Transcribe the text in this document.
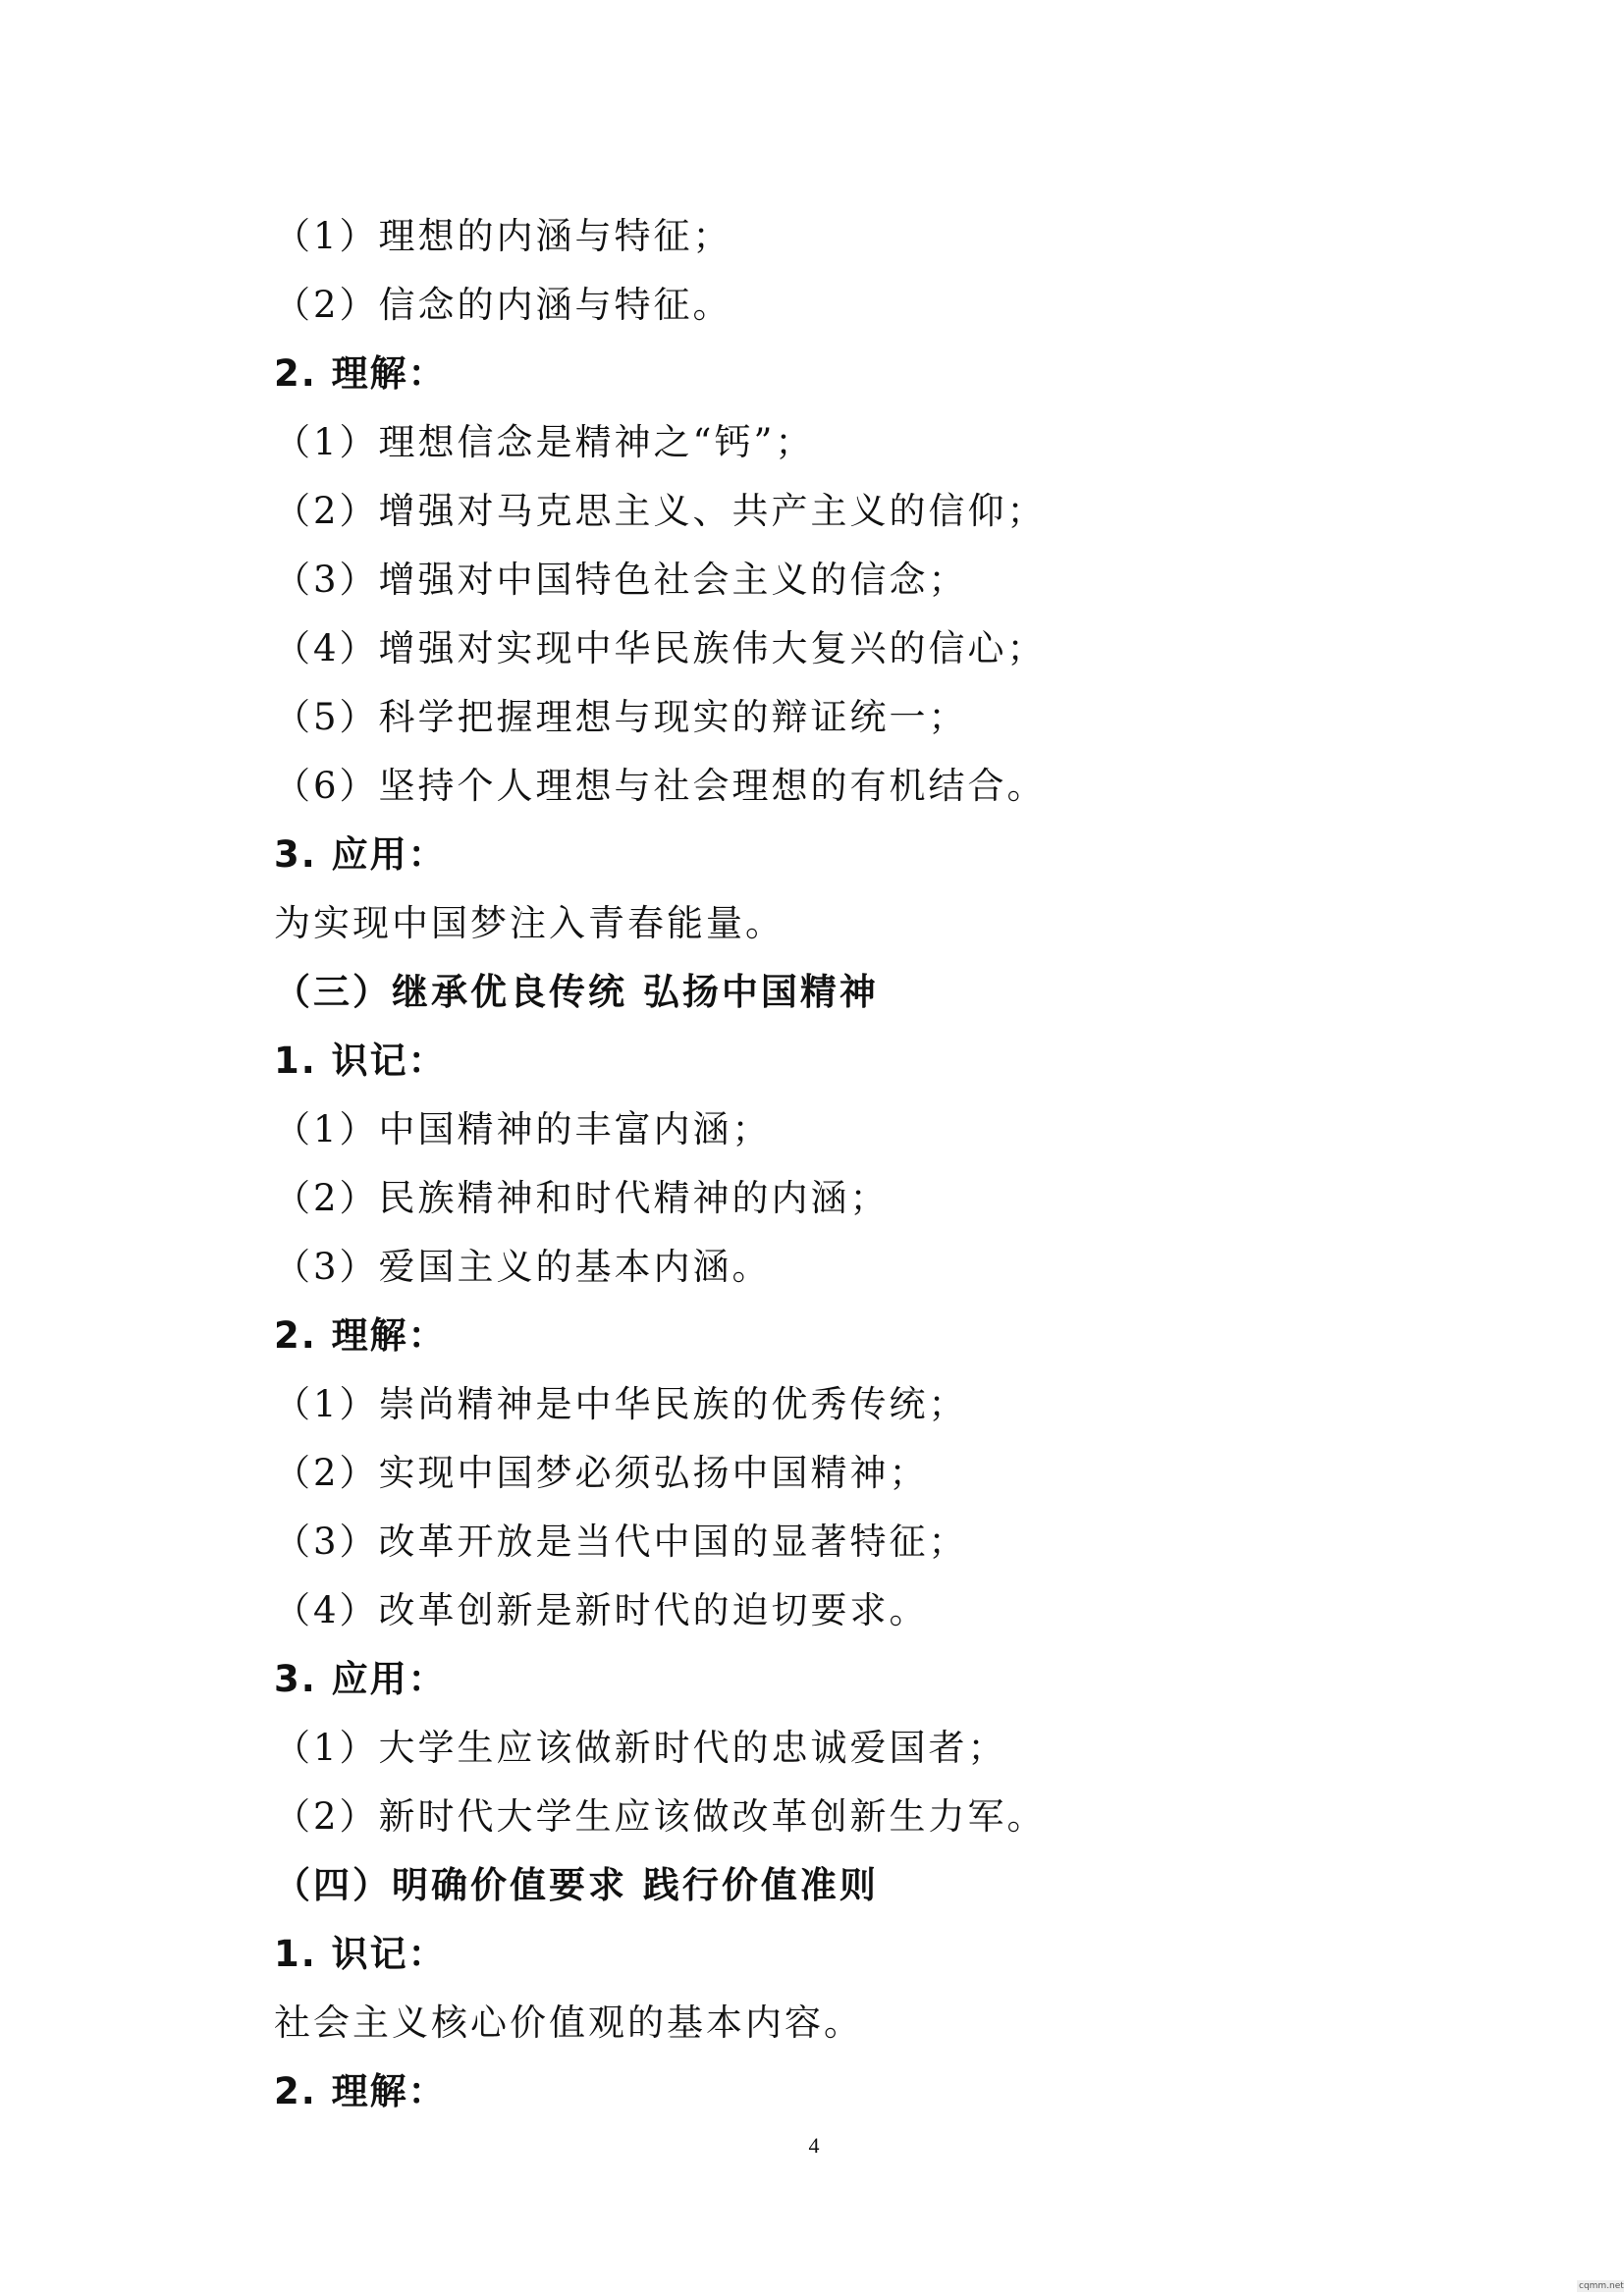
（1）理想的内涵与特征；
（2）信念的内涵与特征。
2. 理解：
（1）理想信念是精神之“钙”；
（2）增强对马克思主义、共产主义的信仰；
（3）增强对中国特色社会主义的信念；
（4）增强对实现中华民族伟大复兴的信心；
（5）科学把握理想与现实的辩证统一；
（6）坚持个人理想与社会理想的有机结合。
3. 应用：
为实现中国梦注入青春能量。
（三）继承优良传统 弘扬中国精神
1. 识记：
（1）中国精神的丰富内涵；
（2）民族精神和时代精神的内涵；
（3）爱国主义的基本内涵。
2. 理解：
（1）崇尚精神是中华民族的优秀传统；
（2）实现中国梦必须弘扬中国精神；
（3）改革开放是当代中国的显著特征；
（4）改革创新是新时代的迫切要求。
3. 应用：
（1）大学生应该做新时代的忠诚爱国者；
（2）新时代大学生应该做改革创新生力军。
（四）明确价值要求 践行价值准则
1. 识记：
社会主义核心价值观的基本内容。
2. 理解：
4
cqmm.net
